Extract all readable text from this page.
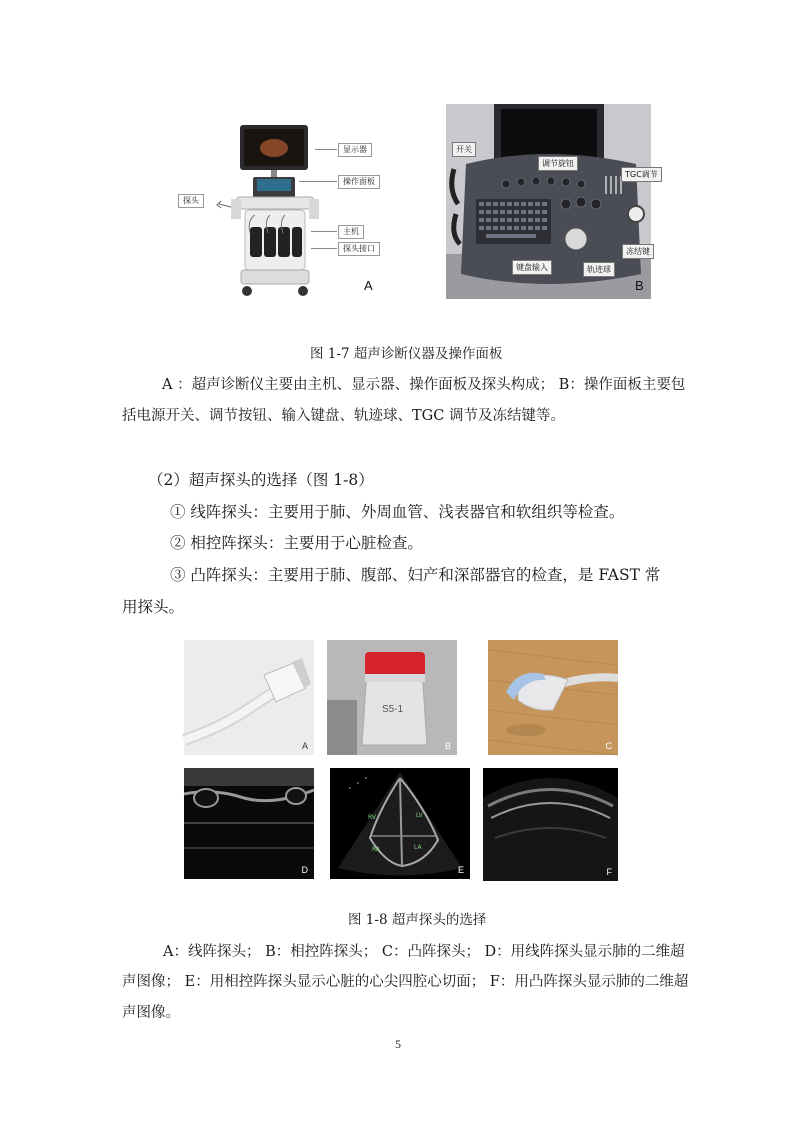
显示器
操作面板
探头
主机
探头接口
A
开关
调节旋钮
TGC调节
冻结键
键盘输入	轨迹球
B
图 1-7 超声诊断仪器及操作面板
A ：超声诊断仪主要由主机、显示器、操作面板及探头构成； B：操作面板主要包
括电源开关、调节按钮、输入键盘、轨迹球、TGC 调节及冻结键等。
（2）超声探头的选择（图 1-8）
① 线阵探头：主要用于肺、外周血管、浅表器官和软组织等检查。
② 相控阵探头：主要用于心脏检查。
③ 凸阵探头：主要用于肺、腹部、妇产和深部器官的检查，是 FAST 常
用探头。
A
S5-1
B	C
D
RV	LV
RA	LA
E	F
图 1-8 超声探头的选择
A：线阵探头； B：相控阵探头； C：凸阵探头； D：用线阵探头显示肺的二维超
声图像； E：用相控阵探头显示心脏的心尖四腔心切面； F：用凸阵探头显示肺的二维超
声图像。
5
